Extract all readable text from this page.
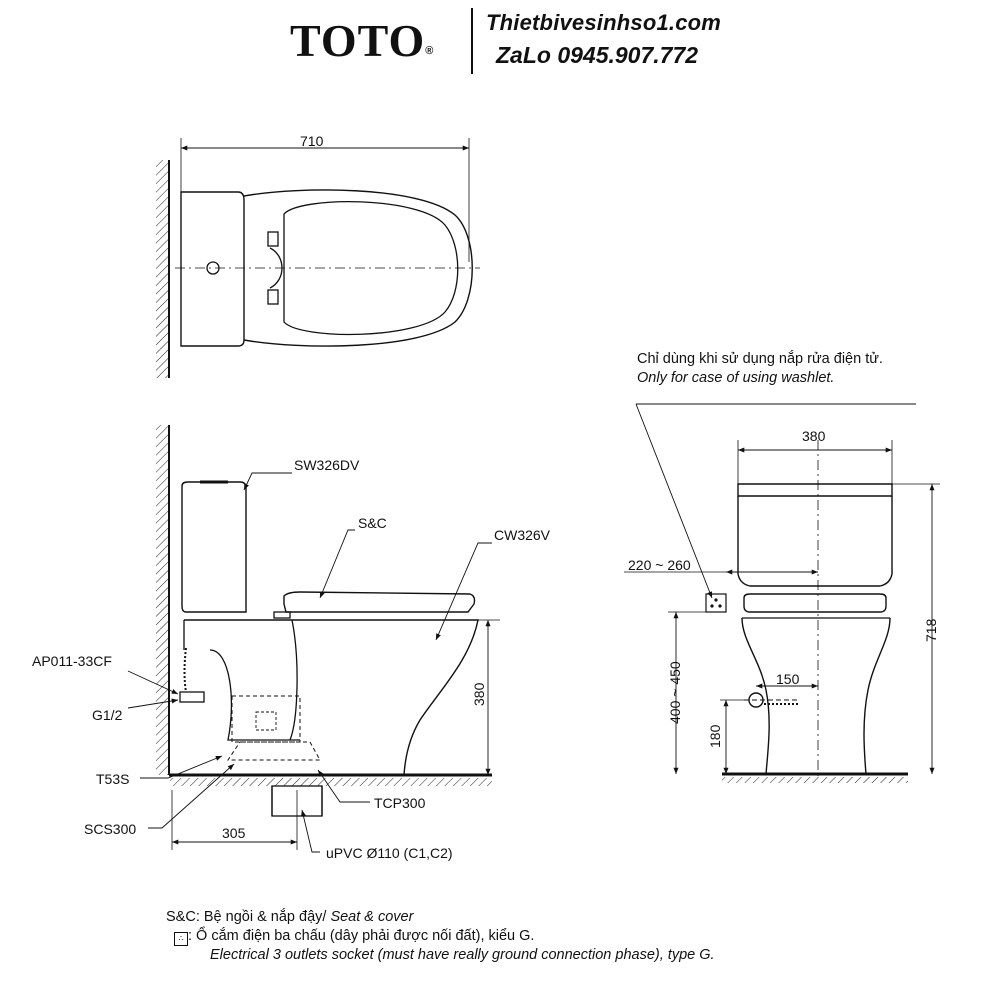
TOTO®
Thietbivesinhso1.com
ZaLo 0945.907.772
SW326DV
S&C
CW326V
AP011-33CF
G1/2
T53S
SCS300
TCP300
uPVC Ø110 (C1,C2)
305
380
710
380
220 ~ 260
150
718
400 ~ 450
180
Chỉ dùng khi sử dụng nắp rửa điện tử.
Only for case of using washlet.
S&C: Bệ ngồi & nắp đậy/ Seat & cover
∴ : Ổ cắm điện ba chấu (dây phải được nối đất), kiểu G.
Electrical 3 outlets socket (must have really ground connection phase), type G.
